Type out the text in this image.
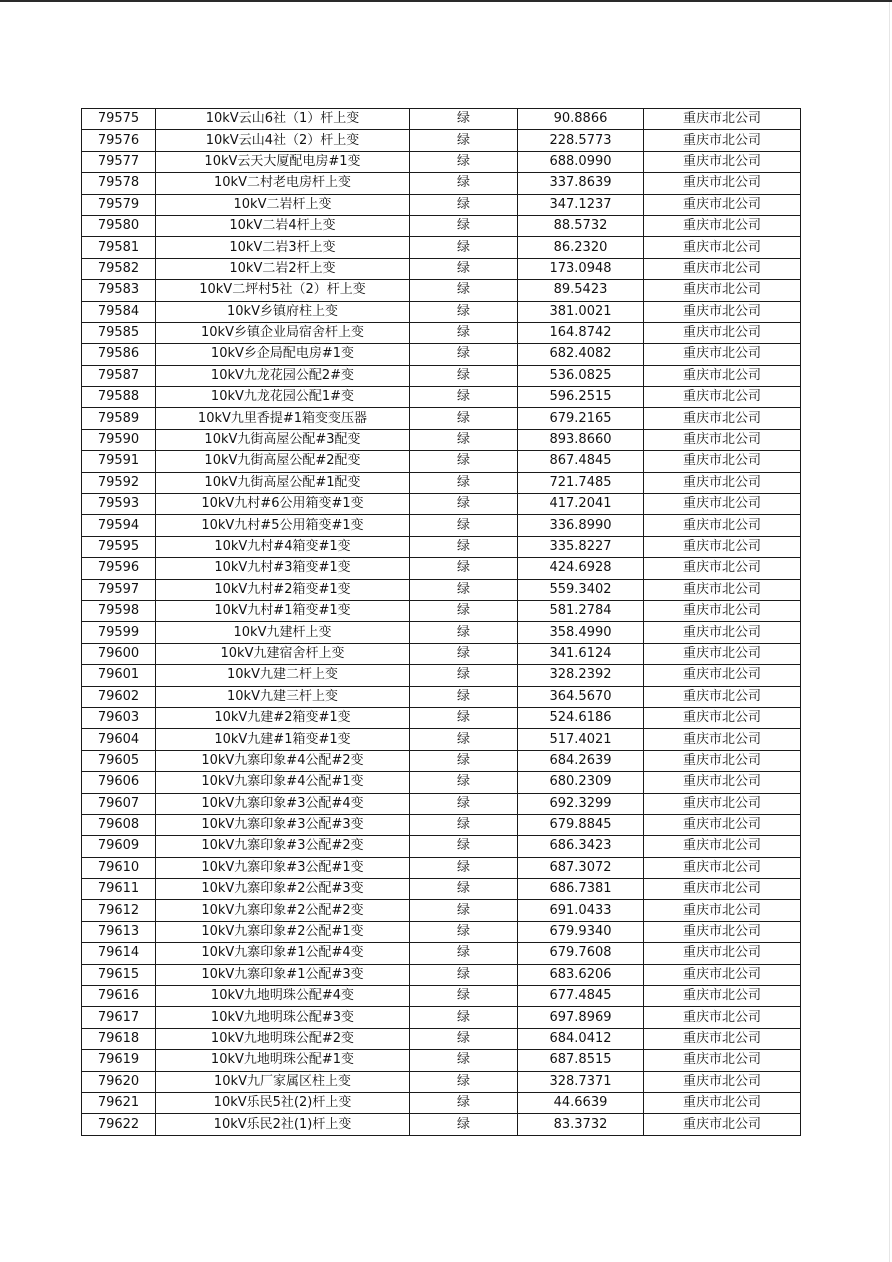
79575	10kV云山6社（1）杆上变	绿	90.8866	重庆市北公司
79576	10kV云山4社（2）杆上变	绿	228.5773	重庆市北公司
79577	10kV云天大厦配电房#1变	绿	688.0990	重庆市北公司
79578	10kV二村老电房杆上变	绿	337.8639	重庆市北公司
79579	10kV二岩杆上变	绿	347.1237	重庆市北公司
79580	10kV二岩4杆上变	绿	88.5732	重庆市北公司
79581	10kV二岩3杆上变	绿	86.2320	重庆市北公司
79582	10kV二岩2杆上变	绿	173.0948	重庆市北公司
79583	10kV二坪村5社（2）杆上变	绿	89.5423	重庆市北公司
79584	10kV乡镇府柱上变	绿	381.0021	重庆市北公司
79585	10kV乡镇企业局宿舍杆上变	绿	164.8742	重庆市北公司
79586	10kV乡企局配电房#1变	绿	682.4082	重庆市北公司
79587	10kV九龙花园公配2#变	绿	536.0825	重庆市北公司
79588	10kV九龙花园公配1#变	绿	596.2515	重庆市北公司
79589	10kV九里香提#1箱变变压器	绿	679.2165	重庆市北公司
79590	10kV九街高屋公配#3配变	绿	893.8660	重庆市北公司
79591	10kV九街高屋公配#2配变	绿	867.4845	重庆市北公司
79592	10kV九街高屋公配#1配变	绿	721.7485	重庆市北公司
79593	10kV九村#6公用箱变#1变	绿	417.2041	重庆市北公司
79594	10kV九村#5公用箱变#1变	绿	336.8990	重庆市北公司
79595	10kV九村#4箱变#1变	绿	335.8227	重庆市北公司
79596	10kV九村#3箱变#1变	绿	424.6928	重庆市北公司
79597	10kV九村#2箱变#1变	绿	559.3402	重庆市北公司
79598	10kV九村#1箱变#1变	绿	581.2784	重庆市北公司
79599	10kV九建杆上变	绿	358.4990	重庆市北公司
79600	10kV九建宿舍杆上变	绿	341.6124	重庆市北公司
79601	10kV九建二杆上变	绿	328.2392	重庆市北公司
79602	10kV九建三杆上变	绿	364.5670	重庆市北公司
79603	10kV九建#2箱变#1变	绿	524.6186	重庆市北公司
79604	10kV九建#1箱变#1变	绿	517.4021	重庆市北公司
79605	10kV九寨印象#4公配#2变	绿	684.2639	重庆市北公司
79606	10kV九寨印象#4公配#1变	绿	680.2309	重庆市北公司
79607	10kV九寨印象#3公配#4变	绿	692.3299	重庆市北公司
79608	10kV九寨印象#3公配#3变	绿	679.8845	重庆市北公司
79609	10kV九寨印象#3公配#2变	绿	686.3423	重庆市北公司
79610	10kV九寨印象#3公配#1变	绿	687.3072	重庆市北公司
79611	10kV九寨印象#2公配#3变	绿	686.7381	重庆市北公司
79612	10kV九寨印象#2公配#2变	绿	691.0433	重庆市北公司
79613	10kV九寨印象#2公配#1变	绿	679.9340	重庆市北公司
79614	10kV九寨印象#1公配#4变	绿	679.7608	重庆市北公司
79615	10kV九寨印象#1公配#3变	绿	683.6206	重庆市北公司
79616	10kV九地明珠公配#4变	绿	677.4845	重庆市北公司
79617	10kV九地明珠公配#3变	绿	697.8969	重庆市北公司
79618	10kV九地明珠公配#2变	绿	684.0412	重庆市北公司
79619	10kV九地明珠公配#1变	绿	687.8515	重庆市北公司
79620	10kV九厂家属区柱上变	绿	328.7371	重庆市北公司
79621	10kV乐民5社(2)杆上变	绿	44.6639	重庆市北公司
79622	10kV乐民2社(1)杆上变	绿	83.3732	重庆市北公司
